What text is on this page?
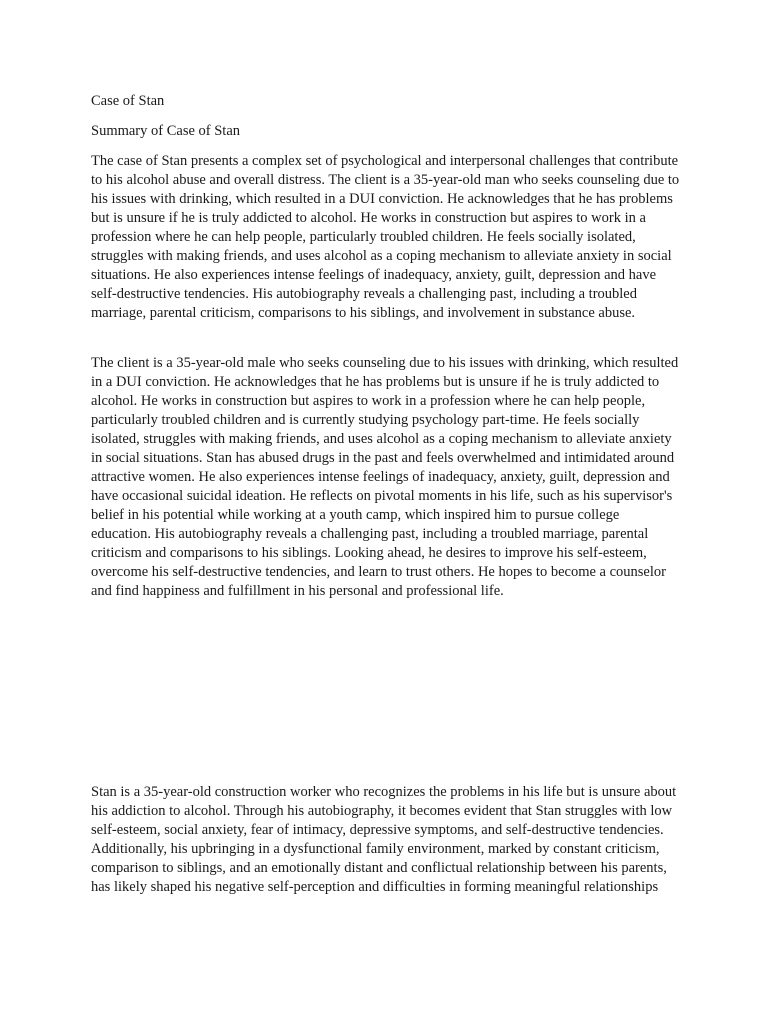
Case of Stan
Summary of Case of Stan

The case of Stan presents a complex set of psychological and interpersonal challenges that contribute to his alcohol abuse and overall distress. The client is a 35-year-old man who seeks counseling due to his issues with drinking, which resulted in a DUI conviction. He acknowledges that he has problems but is unsure if he is truly addicted to alcohol. He works in construction but aspires to work in a profession where he can help people, particularly troubled children. He feels socially isolated, struggles with making friends, and uses alcohol as a coping mechanism to alleviate anxiety in social situations. He also experiences intense feelings of inadequacy, anxiety, guilt, depression and have self-destructive tendencies. His autobiography reveals a challenging past, including a troubled marriage, parental criticism, comparisons to his siblings, and involvement in substance abuse.

The client is a 35-year-old male who seeks counseling due to his issues with drinking, which resulted in a DUI conviction. He acknowledges that he has problems but is unsure if he is truly addicted to alcohol. He works in construction but aspires to work in a profession where he can help people, particularly troubled children and is currently studying psychology part-time. He feels socially isolated, struggles with making friends, and uses alcohol as a coping mechanism to alleviate anxiety in social situations. Stan has abused drugs in the past and feels overwhelmed and intimidated around attractive women. He also experiences intense feelings of inadequacy, anxiety, guilt, depression and have occasional suicidal ideation. He reflects on pivotal moments in his life, such as his supervisor's belief in his potential while working at a youth camp, which inspired him to pursue college education. His autobiography reveals a challenging past, including a troubled marriage, parental criticism and comparisons to his siblings. Looking ahead, he desires to improve his self-esteem, overcome his self-destructive tendencies, and learn to trust others. He hopes to become a counselor and find happiness and fulfillment in his personal and professional life.

Stan is a 35-year-old construction worker who recognizes the problems in his life but is unsure about his addiction to alcohol. Through his autobiography, it becomes evident that Stan struggles with low self-esteem, social anxiety, fear of intimacy, depressive symptoms, and self-destructive tendencies. Additionally, his upbringing in a dysfunctional family environment, marked by constant criticism, comparison to siblings, and an emotionally distant and conflictual relationship between his parents, has likely shaped his negative self-perception and difficulties in forming meaningful relationships
